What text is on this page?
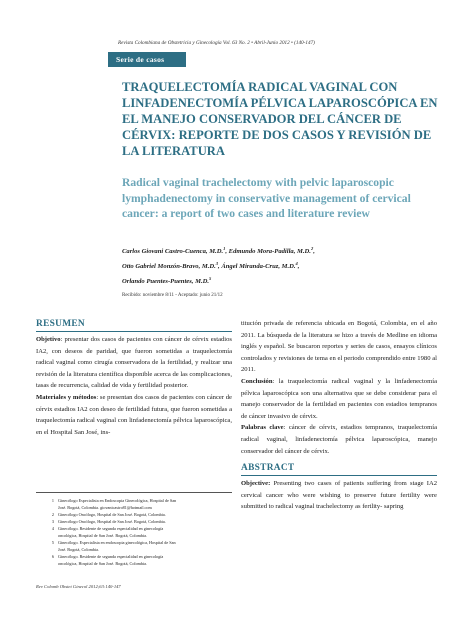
Revista Colombiana de Obstetricia y Ginecología Vol. 63 No. 2 • Abril-Junio 2012 • (140-147)
Serie de casos
TRAQUELECTOMÍA RADICAL VAGINAL CON LINFADENECTOMÍA PÉLVICA LAPAROSCÓPICA EN EL MANEJO CONSERVADOR DEL CÁNCER DE CÉRVIX: REPORTE DE DOS CASOS Y REVISIÓN DE LA LITERATURA
Radical vaginal trachelectomy with pelvic laparoscopic lymphadenectomy in conservative management of cervical cancer: a report of two cases and literature review
Carlos Giovani Castro-Cuenca, M.D.$^1$, Edmundo Mora-Padilla, M.D.$^2$,
Otto Gabriel Monzón-Bravo, M.D.$^3$, Ángel Miranda-Cruz, M.D.$^4$,
Orlando Puentes-Puentes, M.D.$^5$
Recibido: noviembre 8/11 - Aceptado: junio 21/12
RESUMEN

Objetivo: presentar dos casos de pacientes con cáncer de cérvix estadios IA2, con deseos de paridad, que fueron sometidas a traquelectomía radical vaginal como cirugía conservadora de la fertilidad, y realizar una revisión de la literatura científica disponible acerca de las complicaciones, tasas de recurrencia, calidad de vida y fertilidad posterior.

Materiales y métodos: se presentan dos casos de pacientes con cáncer de cérvix estadios IA2 con deseo de fertilidad futura, que fueron sometidas a traquelectomía radical vaginal con linfadenectomía pélvica laparoscópica, en el Hospital San José, ins-

titución privada de referencia ubicada en Bogotá, Colombia, en el año 2011. La búsqueda de la literatura se hizo a través de Medline en idioma inglés y español. Se buscaron reportes y series de casos, ensayos clínicos controlados y revisiones de tema en el periodo comprendido entre 1980 al 2011.

Conclusión: la traquelectomía radical vaginal y la linfadenectomía pélvica laparoscópica son una alternativa que se debe considerar para el manejo conservador de la fertilidad en pacientes con estadios tempranos de cáncer invasivo de cérvix.

Palabras clave: cáncer de cérvix, estadios tempranos, traquelectomía radical vaginal, linfadenectomía pélvica laparoscópica, manejo conservador del cáncer de cérvix.

ABSTRACT

Objective: Presenting two cases of patients suffering from stage IA2 cervical cancer who were wishing to preserve future fertility were submitted to radical vaginal trachelectomy as fertlity- sapring

1 Ginecólogo Especialista en Endoscopia Ginecológica, Hospital de San
José. Bogotá, Colombia. giovanicastro81@hotmail.com
2 Ginecólogo Oncólogo, Hospital de San José. Bogotá, Colombia.
3 Ginecólogo Oncólogo, Hospital de San José. Bogotá, Colombia.
4 Ginecólogo. Residente de segunda especialidad en ginecología
oncológica, Hospital de San José. Bogotá, Colombia.
5 Ginecólogo. Especialista en endoscopia ginecológica, Hospital de San
José. Bogotá, Colombia.
6 Ginecólogo. Residente de segunda especialidad en ginecología
oncológica, Hospital de San José. Bogotá, Colombia.
Rev Colomb Obstet Ginecol 2012;63:140-147
